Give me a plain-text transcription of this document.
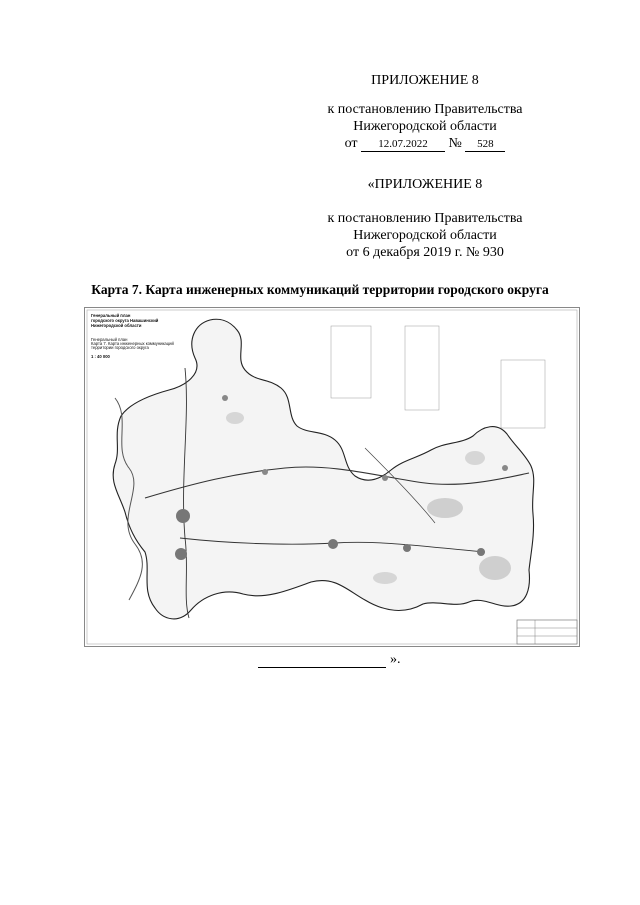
ПРИЛОЖЕНИЕ 8
к постановлению Правительства
Нижегородской области
от 12.07.2022 № 528
«ПРИЛОЖЕНИЕ 8
к постановлению Правительства
Нижегородской области
от 6 декабря 2019 г. № 930
Карта 7. Карта инженерных коммуникаций территории городского округа
Генеральный план
городского округа Навашинский
Нижегородской области
Генеральный план
Карта 7. Карта инженерных коммуникаций
территории городского округа
1 : 40 000
».
